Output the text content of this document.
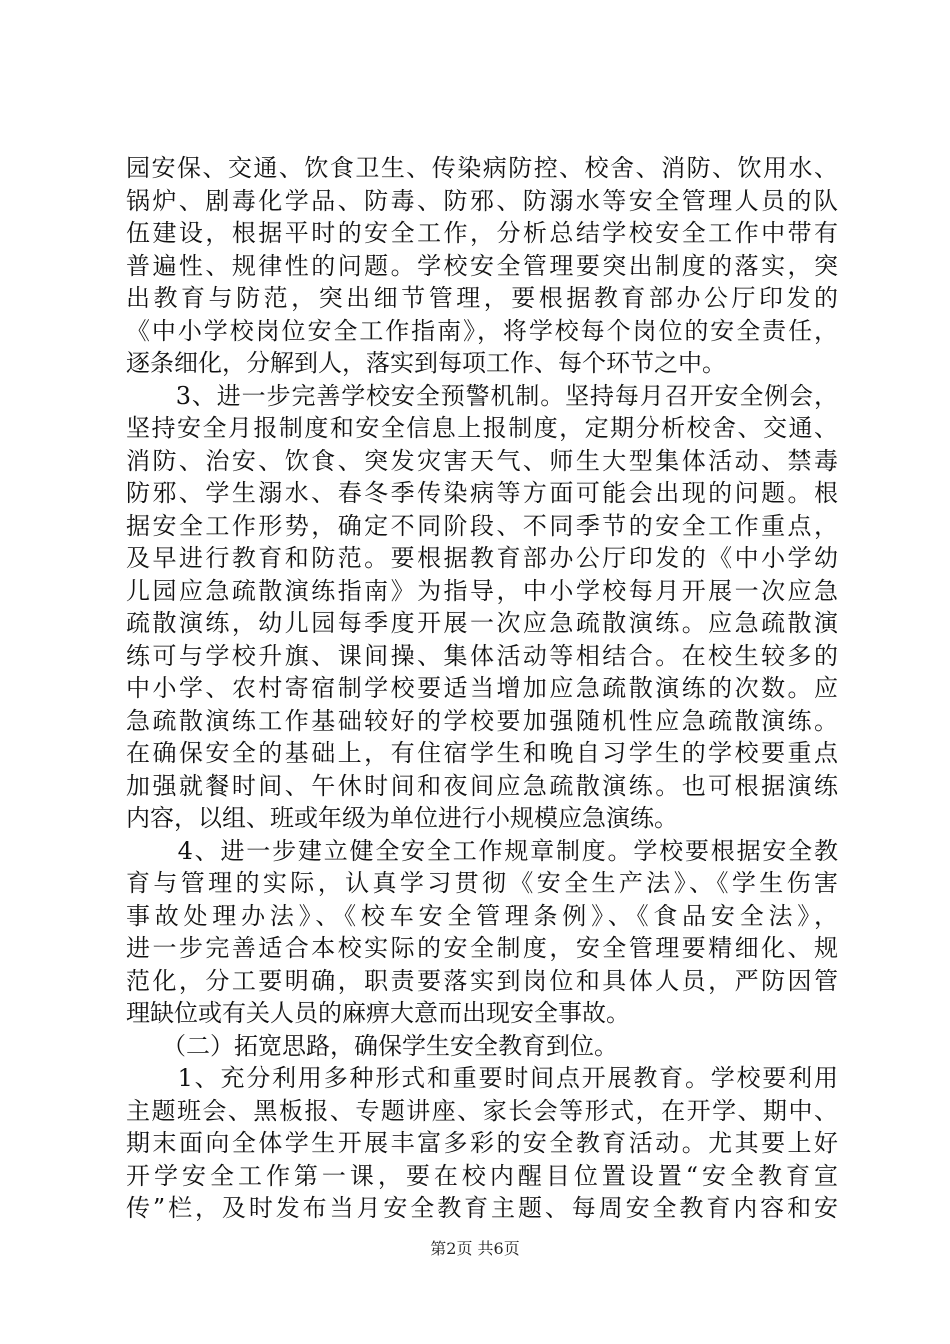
园安保、交通、饮食卫生、传染病防控、校舍、消防、饮用水、
锅炉、剧毒化学品、防毒、防邪、防溺水等安全管理人员的队
伍建设，根据平时的安全工作，分析总结学校安全工作中带有
普遍性、规律性的问题。学校安全管理要突出制度的落实，突
出教育与防范，突出细节管理，要根据教育部办公厅印发的
《中小学校岗位安全工作指南》，将学校每个岗位的安全责任，
逐条细化，分解到人，落实到每项工作、每个环节之中。
　　3、进一步完善学校安全预警机制。坚持每月召开安全例会，
坚持安全月报制度和安全信息上报制度，定期分析校舍、交通、
消防、治安、饮食、突发灾害天气、师生大型集体活动、禁毒
防邪、学生溺水、春冬季传染病等方面可能会出现的问题。根
据安全工作形势，确定不同阶段、不同季节的安全工作重点，
及早进行教育和防范。要根据教育部办公厅印发的《中小学幼
儿园应急疏散演练指南》为指导，中小学校每月开展一次应急
疏散演练，幼儿园每季度开展一次应急疏散演练。应急疏散演
练可与学校升旗、课间操、集体活动等相结合。在校生较多的
中小学、农村寄宿制学校要适当增加应急疏散演练的次数。应
急疏散演练工作基础较好的学校要加强随机性应急疏散演练。
在确保安全的基础上，有住宿学生和晚自习学生的学校要重点
加强就餐时间、午休时间和夜间应急疏散演练。也可根据演练
内容，以组、班或年级为单位进行小规模应急演练。
　　4、进一步建立健全安全工作规章制度。学校要根据安全教
育与管理的实际，认真学习贯彻《安全生产法》、《学生伤害
事故处理办法》、《校车安全管理条例》、《食品安全法》，
进一步完善适合本校实际的安全制度，安全管理要精细化、规
范化，分工要明确，职责要落实到岗位和具体人员，严防因管
理缺位或有关人员的麻痹大意而出现安全事故。
　　（二）拓宽思路，确保学生安全教育到位。
　　1、充分利用多种形式和重要时间点开展教育。学校要利用
主题班会、黑板报、专题讲座、家长会等形式，在开学、期中、
期末面向全体学生开展丰富多彩的安全教育活动。尤其要上好
开学安全工作第一课，要在校内醒目位置设置“安全教育宣
传”栏，及时发布当月安全教育主题、每周安全教育内容和安
第2页 共6页
